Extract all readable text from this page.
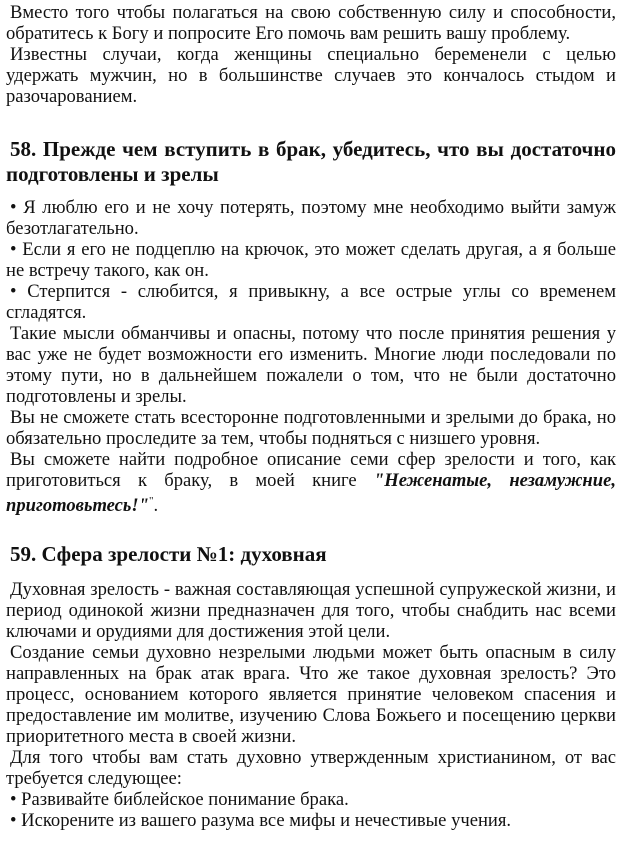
Вместо того чтобы полагаться на свою собственную силу и способности, обратитесь к Богу и попросите Его помочь вам решить вашу проблему.

Известны случаи, когда женщины специально беременели с целью удержать мужчин, но в большинстве случаев это кончалось стыдом и разочарованием.

58. Прежде чем вступить в брак, убедитесь, что вы достаточно подготовлены и зрелы

• Я люблю его и не хочу потерять, поэтому мне необходимо выйти замуж безотлагательно.

• Если я его не подцеплю на крючок, это может сделать другая, а я больше не встречу такого, как он.

• Стерпится - слюбится, я привыкну, а все острые углы со временем сгладятся.

Такие мысли обманчивы и опасны, потому что после принятия решения у вас уже не будет возможности его изменить. Многие люди последовали по этому пути, но в дальнейшем пожалели о том, что не были достаточно подготовлены и зрелы.

Вы не сможете стать всесторонне подготовленными и зрелыми до брака, но обязательно проследите за тем, чтобы подняться с низшего уровня.

Вы сможете найти подробное описание семи сфер зрелости и того, как приготовиться к браку, в моей книге "Неженатые, незамужние, приготовьтесь!"".

59. Сфера зрелости №1: духовная

Духовная зрелость - важная составляющая успешной супружеской жизни, и период одинокой жизни предназначен для того, чтобы снабдить нас всеми ключами и орудиями для достижения этой цели.

Создание семьи духовно незрелыми людьми может быть опасным в силу направленных на брак атак врага. Что же такое духовная зрелость? Это процесс, основанием которого является принятие человеком спасения и предоставление им молитве, изучению Слова Божьего и посещению церкви приоритетного места в своей жизни.

Для того чтобы вам стать духовно утвержденным христианином, от вас требуется следующее:

• Развивайте библейское понимание брака.

• Искорените из вашего разума все мифы и нечестивые учения.
